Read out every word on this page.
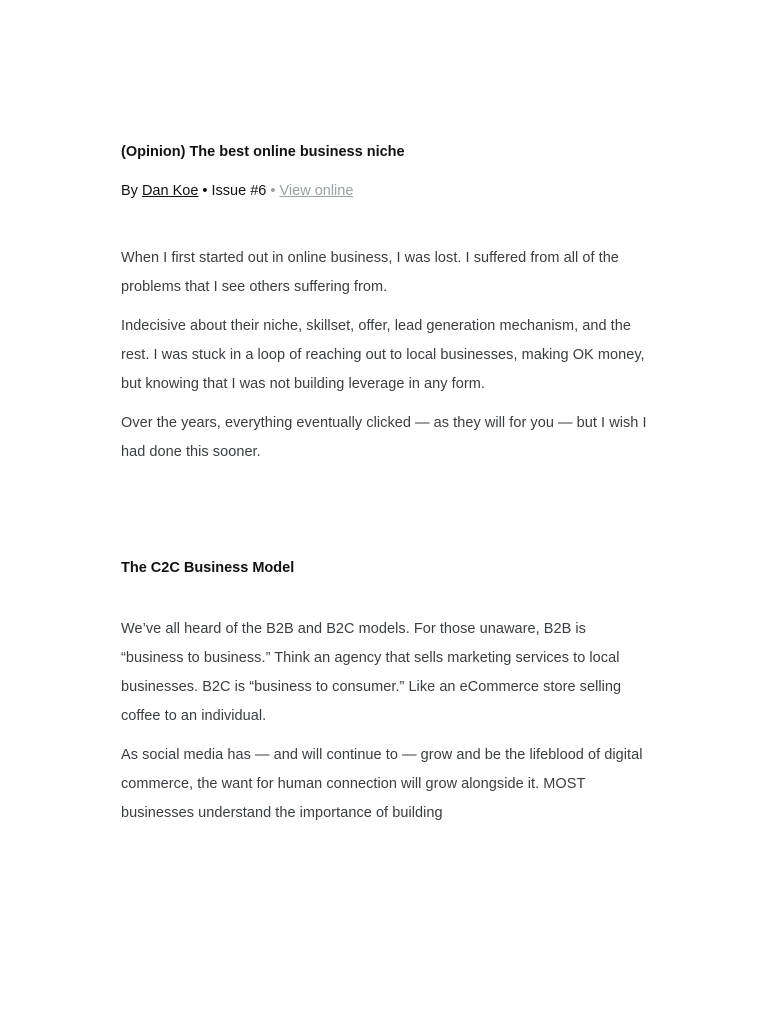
(Opinion) The best online business niche
By Dan Koe • Issue #6 • View online

When I first started out in online business, I was lost. I suffered from all of the problems that I see others suffering from.

Indecisive about their niche, skillset, offer, lead generation mechanism, and the rest. I was stuck in a loop of reaching out to local businesses, making OK money, but knowing that I was not building leverage in any form.

Over the years, everything eventually clicked — as they will for you — but I wish I had done this sooner.

The C2C Business Model

We’ve all heard of the B2B and B2C models. For those unaware, B2B is “business to business.” Think an agency that sells marketing services to local businesses. B2C is “business to consumer.” Like an eCommerce store selling coffee to an individual.

As social media has — and will continue to — grow and be the lifeblood of digital commerce, the want for human connection will grow alongside it. MOST businesses understand the importance of building
